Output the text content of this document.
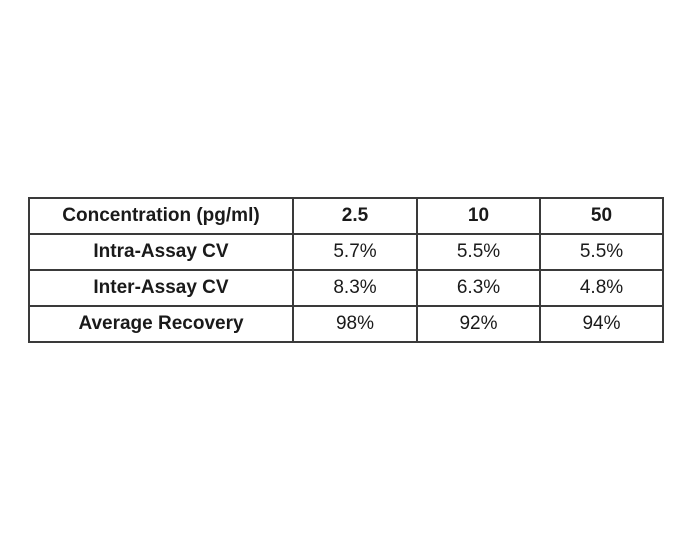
Concentration (pg/ml)	2.5	10	50
Intra-Assay CV	5.7%	5.5%	5.5%
Inter-Assay CV	8.3%	6.3%	4.8%
Average Recovery	98%	92%	94%
